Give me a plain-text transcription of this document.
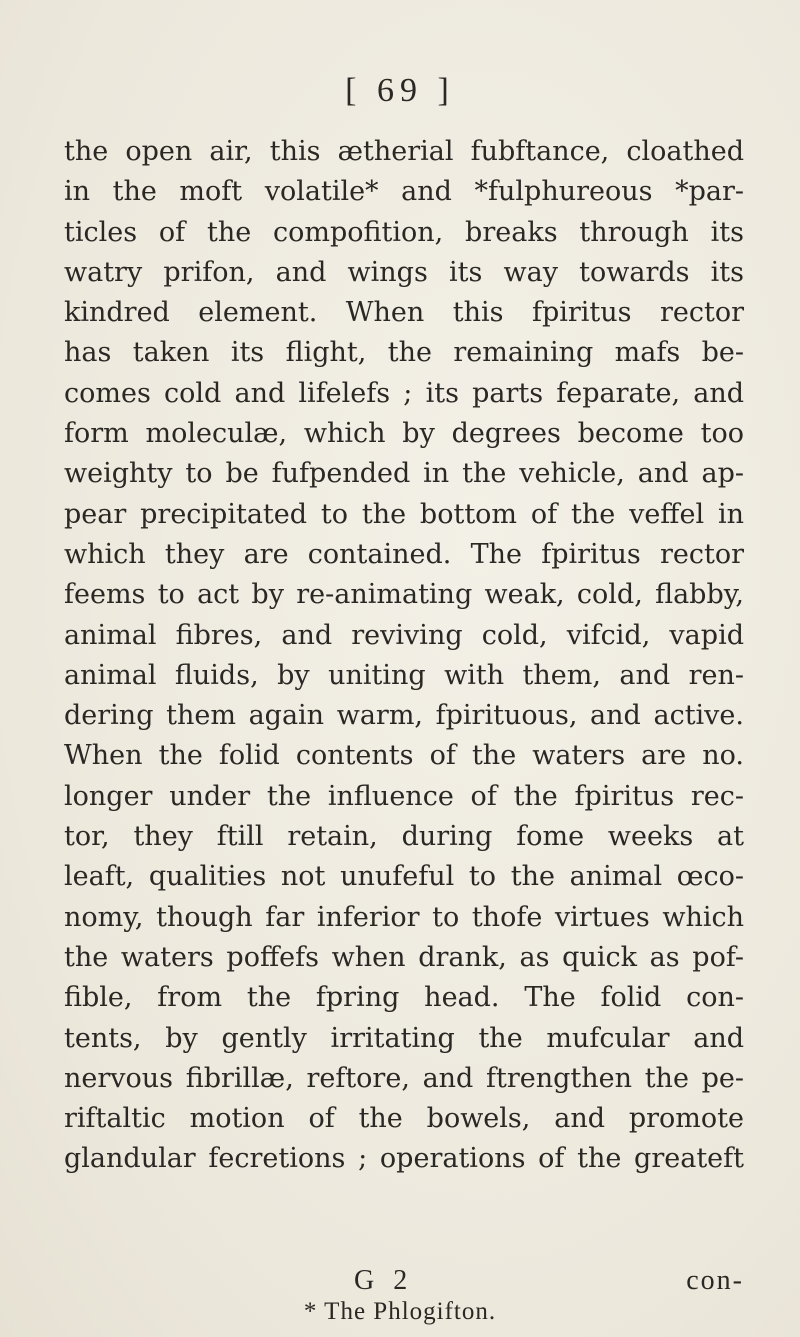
[ 69 ]
the open air, this ætherial fubftance, cloathed
in the moft volatile* and *fulphureous *par-
ticles of the compofition, breaks through its
watry prifon, and wings its way towards its
kindred element. When this fpiritus rector
has taken its flight, the remaining mafs be-
comes cold and lifelefs ; its parts feparate, and
form moleculæ, which by degrees become too
weighty to be fufpended in the vehicle, and ap-
pear precipitated to the bottom of the veffel in
which they are contained. The fpiritus rector
feems to act by re-animating weak, cold, flabby,
animal fibres, and reviving cold, vifcid, vapid
animal fluids, by uniting with them, and ren-
dering them again warm, fpirituous, and active.
When the folid contents of the waters are no.
longer under the influence of the fpiritus rec-
tor, they ftill retain, during fome weeks at
leaft, qualities not unufeful to the animal œco-
nomy, though far inferior to thofe virtues which
the waters poffefs when drank, as quick as pof-
fible, from the fpring head. The folid con-
tents, by gently irritating the mufcular and
nervous fibrillæ, reftore, and ftrengthen the pe-
riftaltic motion of the bowels, and promote
glandular fecretions ; operations of the greateft
G 2	con-
* The Phlogifton.
